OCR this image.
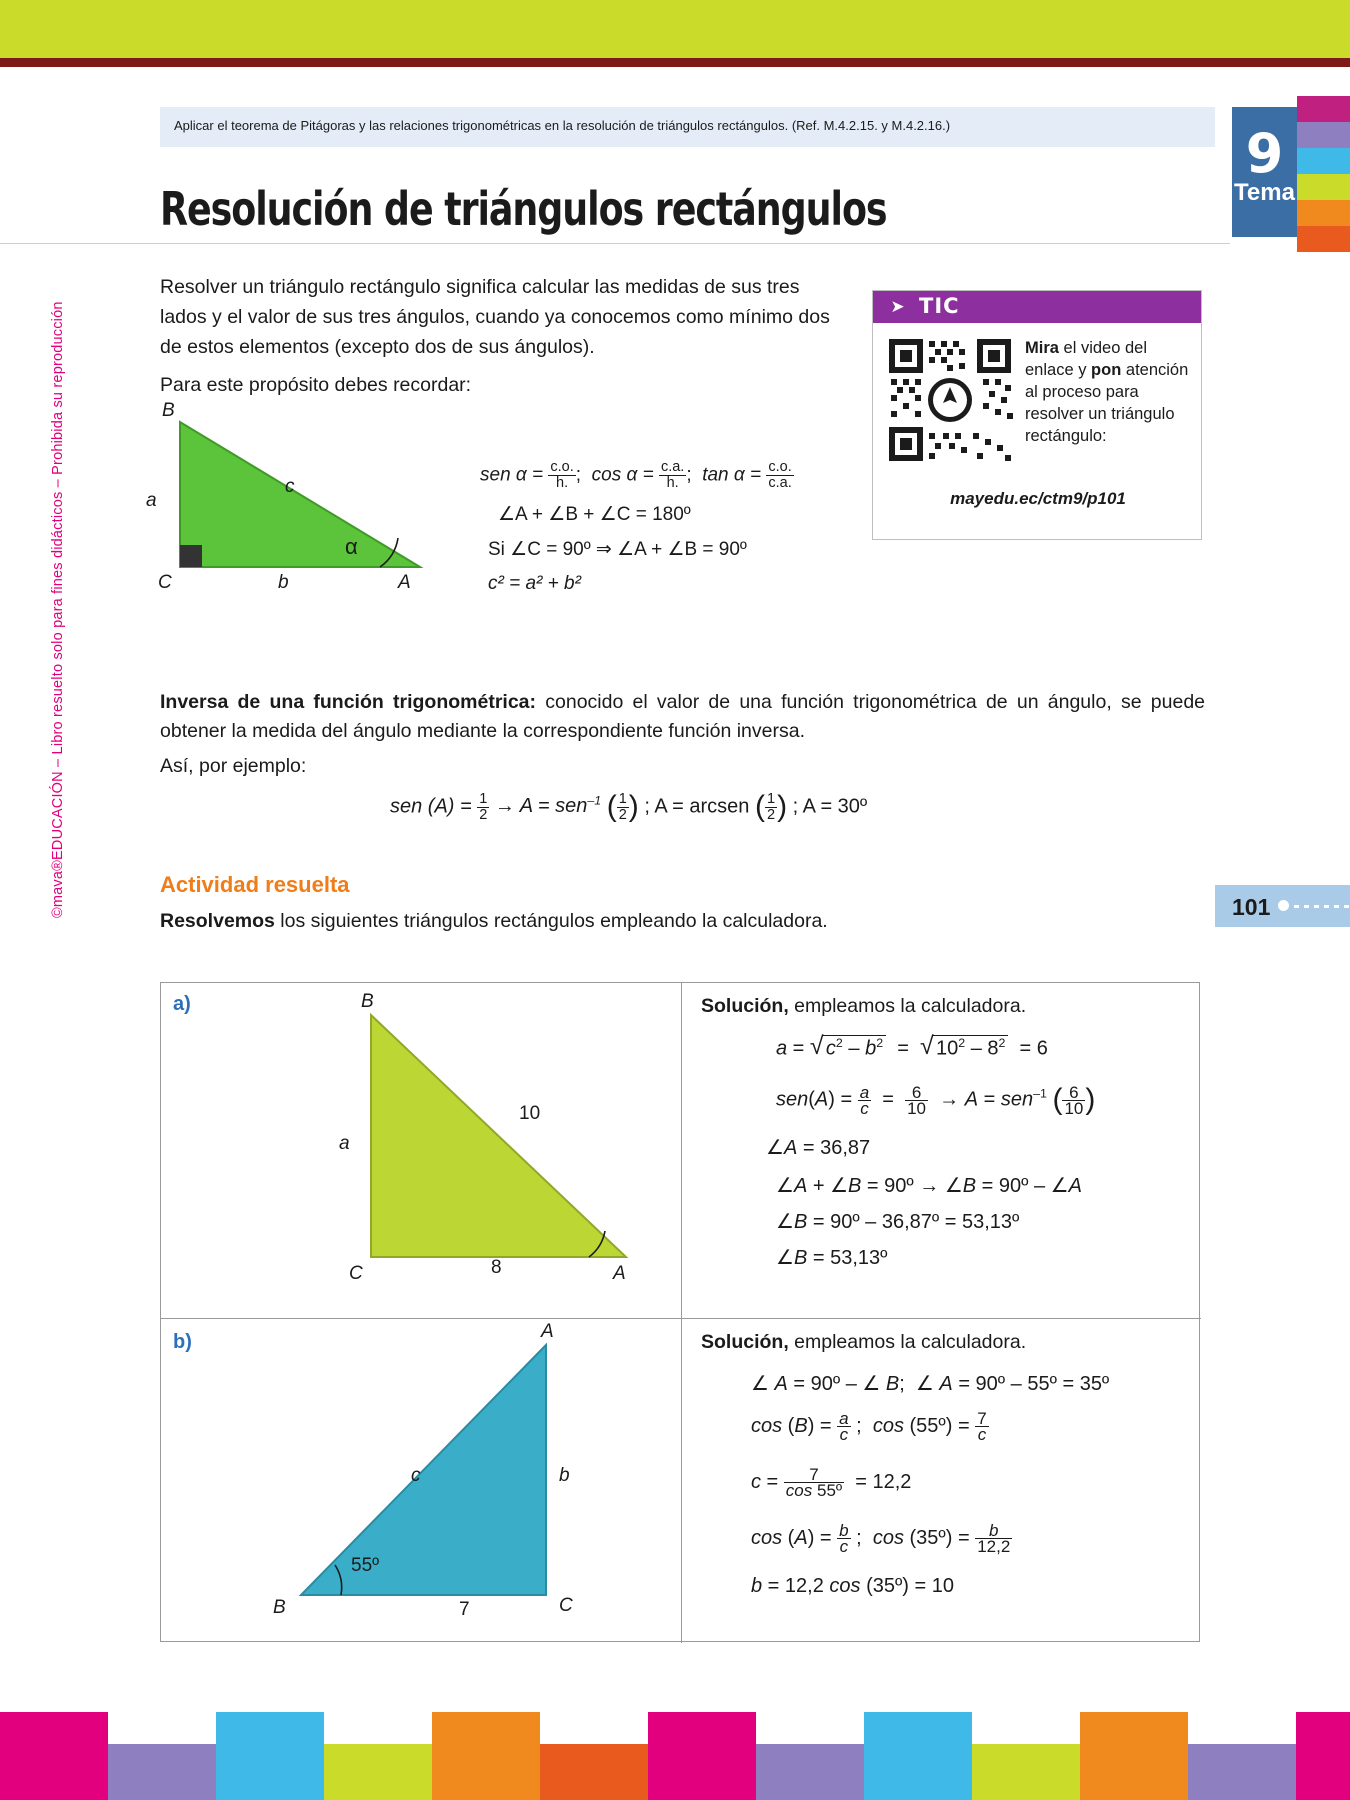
©mava®EDUCACIÓN – Libro resuelto solo para fines didácticos – Prohibida su reproducción
Aplicar el teorema de Pitágoras y las relaciones trigonométricas en la resolución de triángulos rectángulos. (Ref. M.4.2.15. y M.4.2.16.)
Resolución de triángulos rectángulos
9
Tema
Resolver un triángulo rectángulo significa calcular las medidas de sus tres lados y el valor de sus tres ángulos, cuando ya conocemos como mínimo dos de estos elementos (excepto dos de sus ángulos).
Para este propósito debes recordar:
➤ TIC
Mira el video del enlace y pon atención al proceso para resolver un triángulo rectángulo:
mayedu.ec/ctm9/p101
B
C	A
a
b
c
α
sen $\alpha = \frac{c.o.}{h.}$ ;  $\cos \alpha = \frac{c.a.}{h.}$ ;  $\tan \alpha = \frac{c.o.}{c.a.}$
∠A + ∠B + ∠C = 180º
Si ∠C = 90º ⇒ ∠A + ∠B = 90º
c² = a² + b²
Inversa de una función trigonométrica: conocido el valor de una función trigonométrica de un ángulo, se puede obtener la medida del ángulo mediante la correspondiente función inversa.
Así, por ejemplo:
sen $(A) = \frac{1}{2} \to A = sen^{-1}$ ( $\frac{1}{2}$ ) ; A = arcsen ( $\frac{1}{2}$ ) ; A = 30º
Actividad resuelta
Resolvemos los siguientes triángulos rectángulos empleando la calculadora.
101
a)	B
C	A
a
10
8
Solución, empleamos la calculadora.
a = √ $c^2 - b^2$  =  √ $10^2 - 8^2 = 6$
$sen(A) = \frac{a}{c} = \frac{6}{10} \to A = sen^{-1}$ ( $\frac{6}{10}$ )
∠A = 36,87
∠A + ∠B = 90º → ∠B = 90º – ∠A
∠B = 90º – 36,87º = 53,13º
∠B = 53,13º
b)	A
B	C
c	b
55º
7
Solución, empleamos la calculadora.
∠ A = 90º – ∠ B;  ∠ A = 90º – 55º = 35º
$\cos (B) = \frac{a}{c}$ ;  cos (55º) = $\frac{7}{c}$
$c = \frac{7}{\text{cos 55º}} = 12,2$
$\cos (A) = \frac{b}{c}$ ;  cos (35º) = $\frac{b}{12,2}$
b = 12,2 cos (35º) = 10
